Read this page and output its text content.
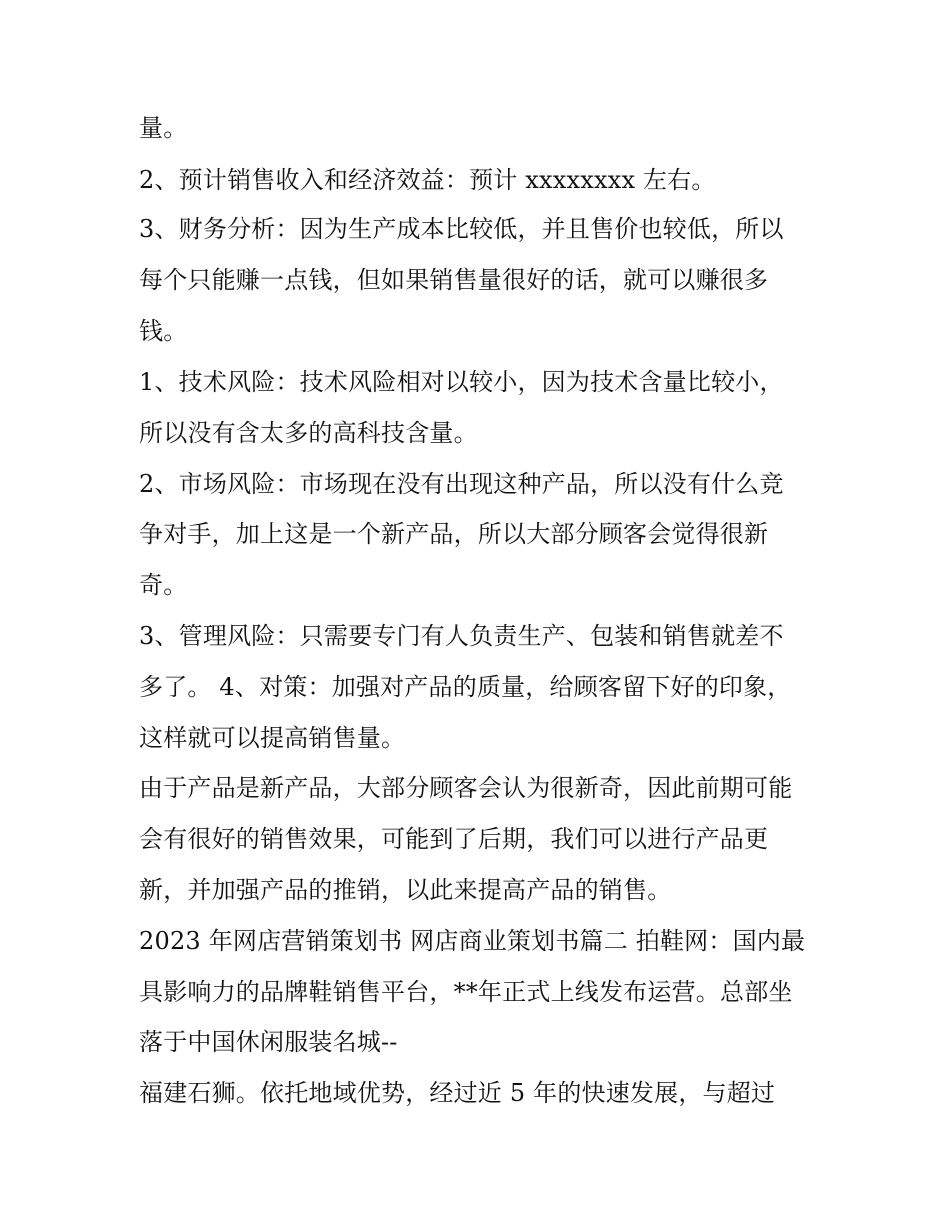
量。
2、预计销售收入和经济效益：预计 xxxxxxxx 左右。
3、财务分析：因为生产成本比较低，并且售价也较低，所以
每个只能赚一点钱，但如果销售量很好的话，就可以赚很多
钱。
1、技术风险：技术风险相对以较小，因为技术含量比较小，
所以没有含太多的高科技含量。
2、市场风险：市场现在没有出现这种产品，所以没有什么竞
争对手，加上这是一个新产品，所以大部分顾客会觉得很新
奇。
3、管理风险：只需要专门有人负责生产、包装和销售就差不
多了。 4、对策：加强对产品的质量，给顾客留下好的印象，
这样就可以提高销售量。
由于产品是新产品，大部分顾客会认为很新奇，因此前期可能
会有很好的销售效果，可能到了后期，我们可以进行产品更
新，并加强产品的推销，以此来提高产品的销售。
2023 年网店营销策划书 网店商业策划书篇二 拍鞋网：国内最
具影响力的品牌鞋销售平台，**年正式上线发布运营。总部坐
落于中国休闲服装名城--
福建石狮。依托地域优势，经过近 5 年的快速发展，与超过
